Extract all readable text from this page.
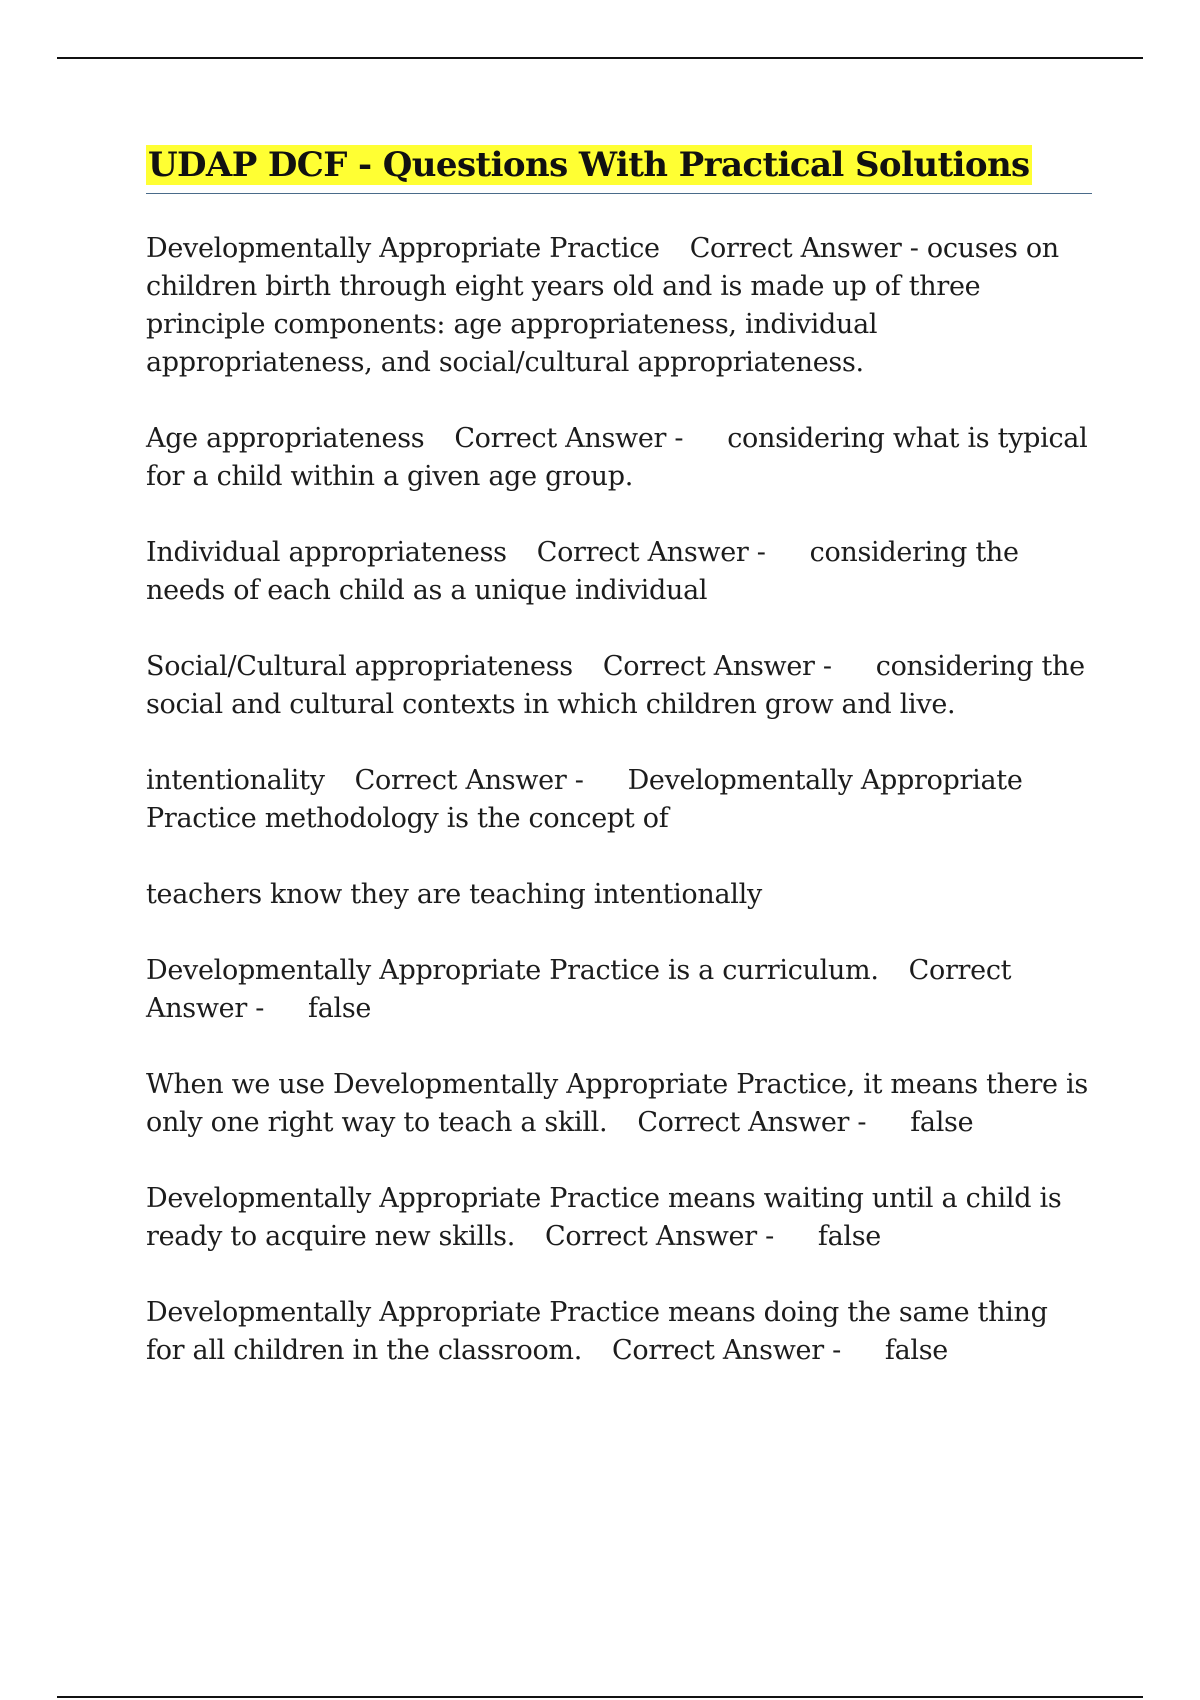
UDAP DCF - Questions With Practical Solutions

Developmentally Appropriate Practice Correct Answer - ocuses on children birth through eight years old and is made up of three principle components: age appropriateness, individual appropriateness, and social/cultural appropriateness.

Age appropriateness Correct Answer - considering what is typical for a child within a given age group.

Individual appropriateness Correct Answer - considering the needs of each child as a unique individual

Social/Cultural appropriateness Correct Answer - considering the social and cultural contexts in which children grow and live.

intentionality Correct Answer - Developmentally Appropriate Practice methodology is the concept of

teachers know they are teaching intentionally

Developmentally Appropriate Practice is a curriculum. Correct Answer - false

When we use Developmentally Appropriate Practice, it means there is only one right way to teach a skill. Correct Answer - false

Developmentally Appropriate Practice means waiting until a child is ready to acquire new skills. Correct Answer - false

Developmentally Appropriate Practice means doing the same thing for all children in the classroom. Correct Answer - false
